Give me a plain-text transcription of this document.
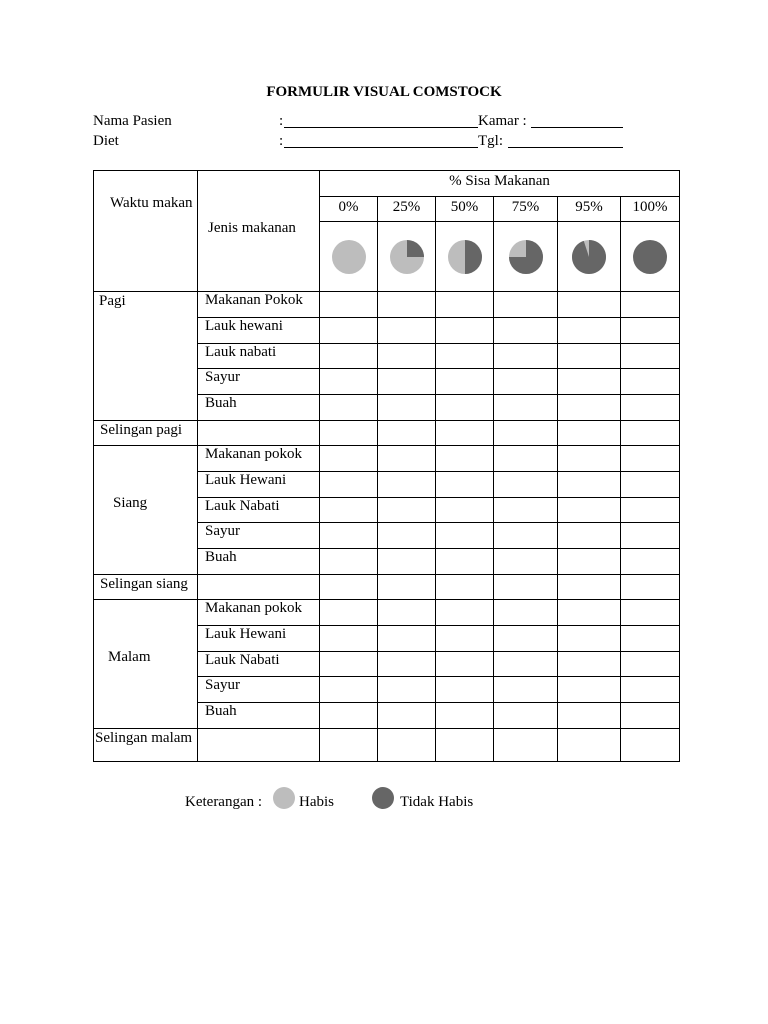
FORMULIR VISUAL COMSTOCK
Nama Pasien	:	Kamar :
Diet	:	Tgl:
Waktu makan	Jenis makanan	% Sisa Makanan					
		0%	25%	50%	75%	95%	100%

Pagi	Makanan Pokok						

	Lauk hewani						

	Lauk nabati						

	Sayur						

	Buah						

Selingan pagi							

Siang	Makanan pokok						

	Lauk Hewani						

	Lauk Nabati						

	Sayur						

	Buah						

Selingan siang							

Malam	Makanan pokok						

	Lauk Hewani						

	Lauk Nabati						

	Sayur						

	Buah						

Selingan malam							

Keterangan : Habis	Tidak Habis
